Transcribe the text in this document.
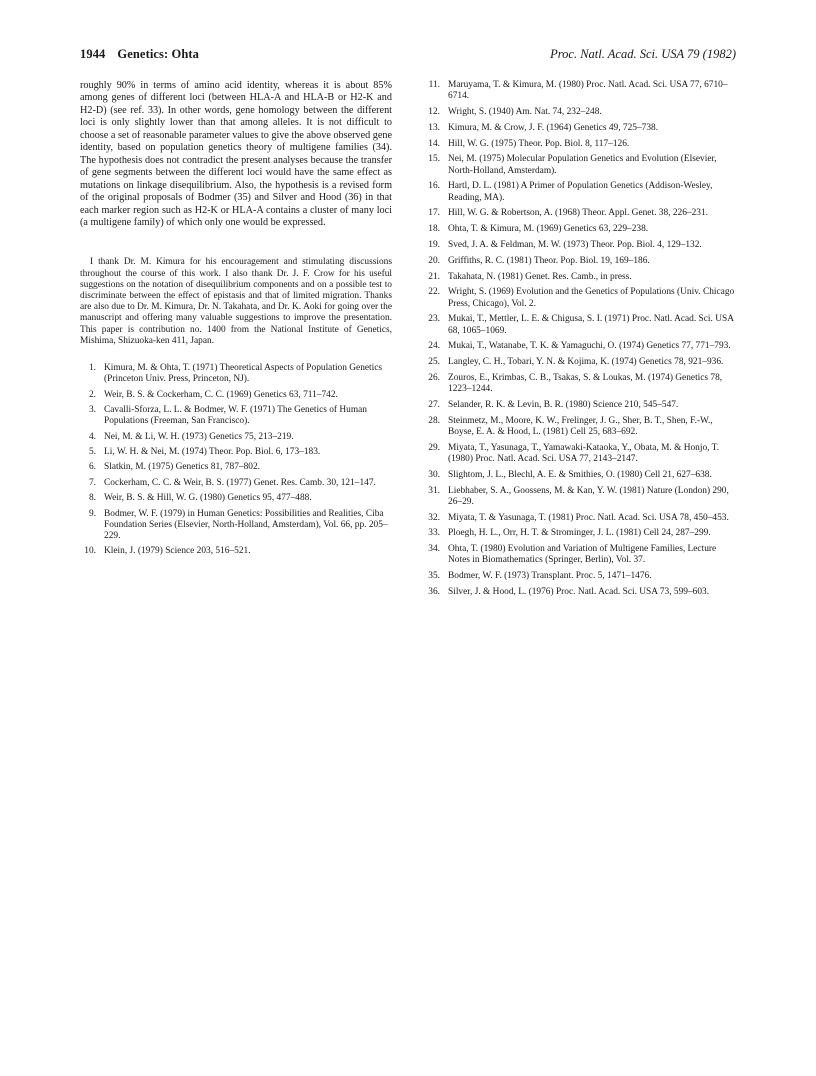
1944 Genetics: Ohta	Proc. Natl. Acad. Sci. USA 79 (1982)

roughly 90% in terms of amino acid identity, whereas it is about 85% among genes of different loci (between HLA-A and HLA-B or H2-K and H2-D) (see ref. 33). In other words, gene homology between the different loci is only slightly lower than that among alleles. It is not difficult to choose a set of reasonable parameter values to give the above observed gene identity, based on population genetics theory of multigene families (34). The hypothesis does not contradict the present analyses because the transfer of gene segments between the different loci would have the same effect as mutations on linkage disequilibrium. Also, the hypothesis is a revised form of the original proposals of Bodmer (35) and Silver and Hood (36) in that each marker region such as H2-K or HLA-A contains a cluster of many loci (a multigene family) of which only one would be expressed.

I thank Dr. M. Kimura for his encouragement and stimulating discussions throughout the course of this work. I also thank Dr. J. F. Crow for his useful suggestions on the notation of disequilibrium components and on a possible test to discriminate between the effect of epistasis and that of limited migration. Thanks are also due to Dr. M. Kimura, Dr. N. Takahata, and Dr. K. Aoki for going over the manuscript and offering many valuable suggestions to improve the presentation. This paper is contribution no. 1400 from the National Institute of Genetics, Mishima, Shizuoka-ken 411, Japan.

1. Kimura, M. & Ohta, T. (1971) Theoretical Aspects of Population Genetics (Princeton Univ. Press, Princeton, NJ).
2. Weir, B. S. & Cockerham, C. C. (1969) Genetics 63, 711–742.
3. Cavalli-Sforza, L. L. & Bodmer, W. F. (1971) The Genetics of Human Populations (Freeman, San Francisco).
4. Nei, M. & Li, W. H. (1973) Genetics 75, 213–219.
5. Li, W. H. & Nei, M. (1974) Theor. Pop. Biol. 6, 173–183.
6. Slatkin, M. (1975) Genetics 81, 787–802.
7. Cockerham, C. C. & Weir, B. S. (1977) Genet. Res. Camb. 30, 121–147.
8. Weir, B. S. & Hill, W. G. (1980) Genetics 95, 477–488.
9. Bodmer, W. F. (1979) in Human Genetics: Possibilities and Realities, Ciba Foundation Series (Elsevier, North-Holland, Amsterdam), Vol. 66, pp. 205–229.
10. Klein, J. (1979) Science 203, 516–521.
11. Maruyama, T. & Kimura, M. (1980) Proc. Natl. Acad. Sci. USA 77, 6710–6714.
12. Wright, S. (1940) Am. Nat. 74, 232–248.
13. Kimura, M. & Crow, J. F. (1964) Genetics 49, 725–738.
14. Hill, W. G. (1975) Theor. Pop. Biol. 8, 117–126.
15. Nei, M. (1975) Molecular Population Genetics and Evolution (Elsevier, North-Holland, Amsterdam).
16. Hartl, D. L. (1981) A Primer of Population Genetics (Addison-Wesley, Reading, MA).
17. Hill, W. G. & Robertson, A. (1968) Theor. Appl. Genet. 38, 226–231.
18. Ohta, T. & Kimura, M. (1969) Genetics 63, 229–238.
19. Sved, J. A. & Feldman, M. W. (1973) Theor. Pop. Biol. 4, 129–132.
20. Griffiths, R. C. (1981) Theor. Pop. Biol. 19, 169–186.
21. Takahata, N. (1981) Genet. Res. Camb., in press.
22. Wright, S. (1969) Evolution and the Genetics of Populations (Univ. Chicago Press, Chicago), Vol. 2.
23. Mukai, T., Mettler, L. E. & Chigusa, S. I. (1971) Proc. Natl. Acad. Sci. USA 68, 1065–1069.
24. Mukai, T., Watanabe, T. K. & Yamaguchi, O. (1974) Genetics 77, 771–793.
25. Langley, C. H., Tobari, Y. N. & Kojima, K. (1974) Genetics 78, 921–936.
26. Zouros, E., Krimbas, C. B., Tsakas, S. & Loukas, M. (1974) Genetics 78, 1223–1244.
27. Selander, R. K. & Levin, B. R. (1980) Science 210, 545–547.
28. Steinmetz, M., Moore, K. W., Frelinger, J. G., Sher, B. T., Shen, F.-W., Boyse, E. A. & Hood, L. (1981) Cell 25, 683–692.
29. Miyata, T., Yasunaga, T., Yamawaki-Kataoka, Y., Obata, M. & Honjo, T. (1980) Proc. Natl. Acad. Sci. USA 77, 2143–2147.
30. Slightom, J. L., Blechl, A. E. & Smithies, O. (1980) Cell 21, 627–638.
31. Liebhaber, S. A., Goossens, M. & Kan, Y. W. (1981) Nature (London) 290, 26–29.
32. Miyata, T. & Yasunaga, T. (1981) Proc. Natl. Acad. Sci. USA 78, 450–453.
33. Ploegh, H. L., Orr, H. T. & Strominger, J. L. (1981) Cell 24, 287–299.
34. Ohta, T. (1980) Evolution and Variation of Multigene Families, Lecture Notes in Biomathematics (Springer, Berlin), Vol. 37.
35. Bodmer, W. F. (1973) Transplant. Proc. 5, 1471–1476.
36. Silver, J. & Hood, L. (1976) Proc. Natl. Acad. Sci. USA 73, 599–603.
